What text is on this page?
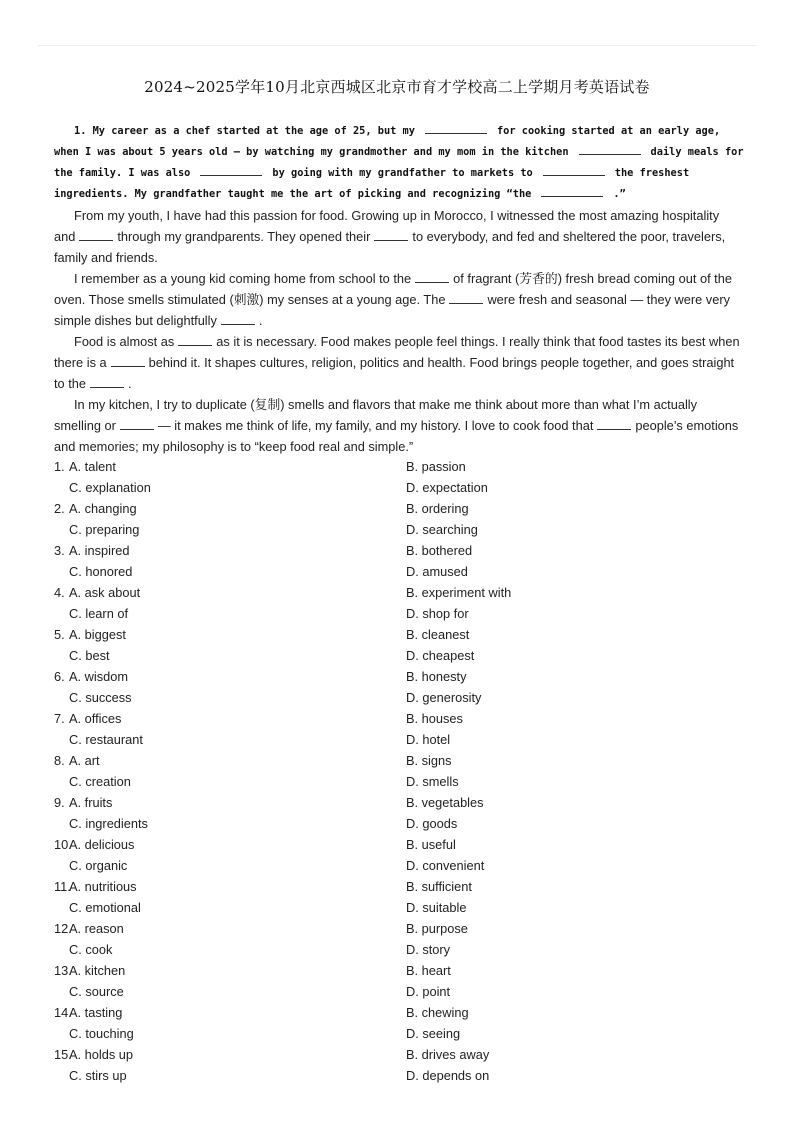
2024~2025学年10月北京西城区北京市育才学校高二上学期月考英语试卷

1. My career as a chef started at the age of 25, but my	for cooking started at an early age, when I was about 5 years old — by watching my grandmother and my mom in the kitchen	daily meals for the family. I was also	by going with my grandfather to markets to	the freshest ingredients. My grandfather taught me the art of picking and recognizing “the	.”

From my youth, I have had this passion for food. Growing up in Morocco, I witnessed the most amazing hospitality and	through my grandparents. They opened their	to everybody, and fed and sheltered the poor, travelers, family and friends.

I remember as a young kid coming home from school to the	of fragrant (芳香的) fresh bread coming out of the oven. Those smells stimulated (刺激) my senses at a young age. The	were fresh and seasonal — they were very simple dishes but delightfully	.

Food is almost as	as it is necessary. Food makes people feel things. I really think that food tastes its best when there is a	behind it. It shapes cultures, religion, politics and health. Food brings people together, and goes straight to the	.

In my kitchen, I try to duplicate (复制) smells and flavors that make me think about more than what I’m actually smelling or	— it makes me think of life, my family, and my history. I love to cook food that	people’s emotions and memories; my philosophy is to “keep food real and simple.”

1. A. talent	B. passion
C. explanation	D. expectation
2. A. changing	B. ordering
C. preparing	D. searching
3. A. inspired	B. bothered
C. honored	D. amused
4. A. ask about	B. experiment with
C. learn of	D. shop for
5. A. biggest	B. cleanest
C. best	D. cheapest
6. A. wisdom	B. honesty
C. success	D. generosity
7. A. offices	B. houses
C. restaurant	D. hotel
8. A. art	B. signs
C. creation	D. smells
9. A. fruits	B. vegetables
C. ingredients	D. goods
10.
A. delicious	B. useful
C. organic	D. convenient
11.
A. nutritious	B. sufficient
C. emotional	D. suitable
12.
A. reason	B. purpose
C. cook	D. story
13.
A. kitchen	B. heart
C. source	D. point
14.
A. tasting	B. chewing
C. touching	D. seeing
15.
A. holds up	B. drives away
C. stirs up	D. depends on
